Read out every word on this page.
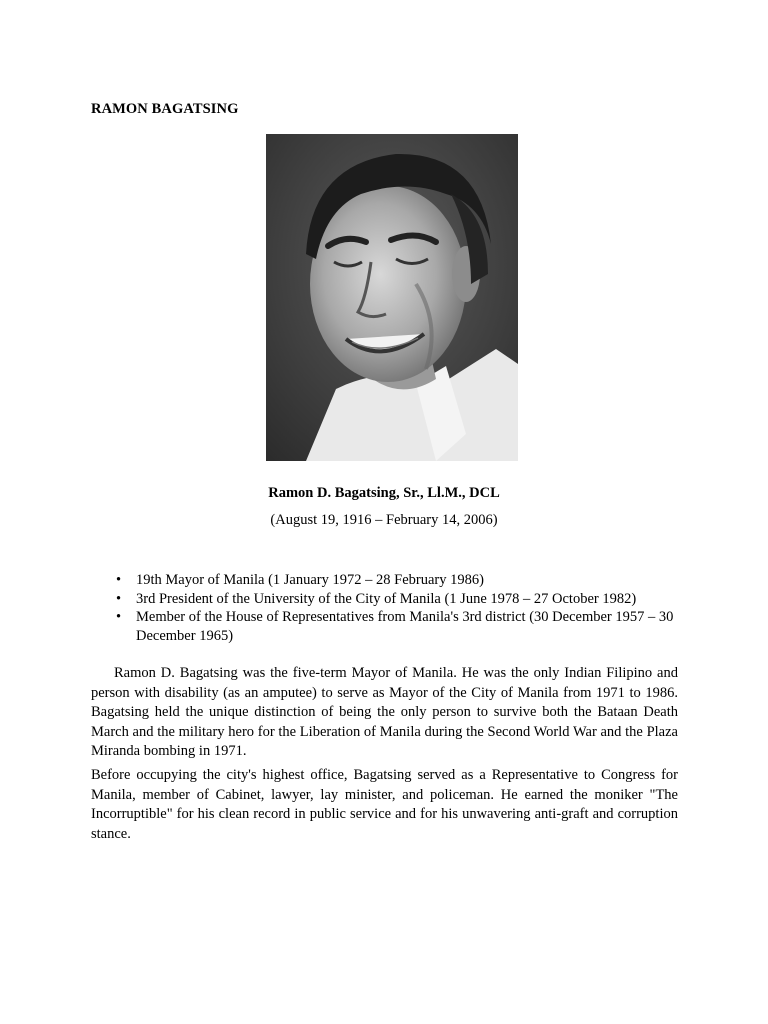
RAMON BAGATSING
Ramon D. Bagatsing, Sr., Ll.M., DCL
(August 19, 1916 – February 14, 2006)
• 19th Mayor of Manila (1 January 1972 – 28 February 1986)
• 3rd President of the University of the City of Manila (1 June 1978 – 27 October 1982)
• Member of the House of Representatives from Manila's 3rd district (30 December 1957 – 30 December 1965)

Ramon D. Bagatsing was the five-term Mayor of Manila. He was the only Indian Filipino and person with disability (as an amputee) to serve as Mayor of the City of Manila from 1971 to 1986. Bagatsing held the unique distinction of being the only person to survive both the Bataan Death March and the military hero for the Liberation of Manila during the Second World War and the Plaza Miranda bombing in 1971.

Before occupying the city's highest office, Bagatsing served as a Representative to Congress for Manila, member of Cabinet, lawyer, lay minister, and policeman. He earned the moniker "The Incorruptible" for his clean record in public service and for his unwavering anti-graft and corruption stance.
